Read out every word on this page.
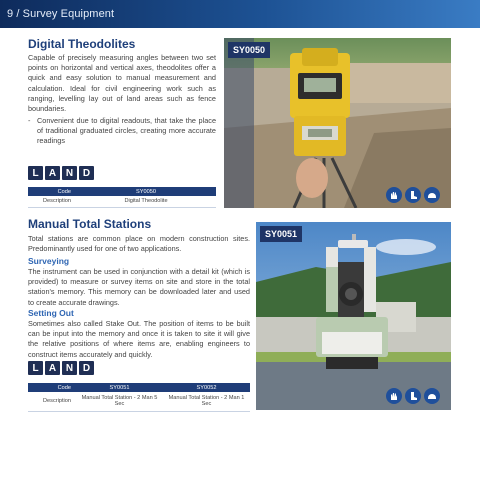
9 / Survey Equipment
Digital Theodolites
Capable of precisely measuring angles between two set points on horizontal and vertical axes, theodolites offer a quick and easy solution to manual measurement and calculation. Ideal for civil engineering work such as ranging, levelling lay out of land areas such as fence boundaries.
- Convenient due to digital readouts, that take the place of traditional graduated circles, creating more accurate readings
L	A N D
Code	SY0050
Description	Digital Theodolite
SY0050
Manual Total Stations
Total stations are common place on modern construction sites. Predominantly used for one of two applications.
Surveying
The instrument can be used in conjunction with a detail kit (which is provided) to measure or survey items on site and store in the total station's memory. This memory can be downloaded later and used to create accurate drawings.
Setting Out
Sometimes also called Stake Out. The position of items to be built can be input into the memory and once it is taken to site it will give the relative positions of where items are, enabling engineers to construct items accurately and quickly.
L	A N D
Code	SY0051	SY0052
Description	Manual Total Station - 2 Man 5 Sec	Manual Total Station - 2 Man 1 Sec
SY0051
